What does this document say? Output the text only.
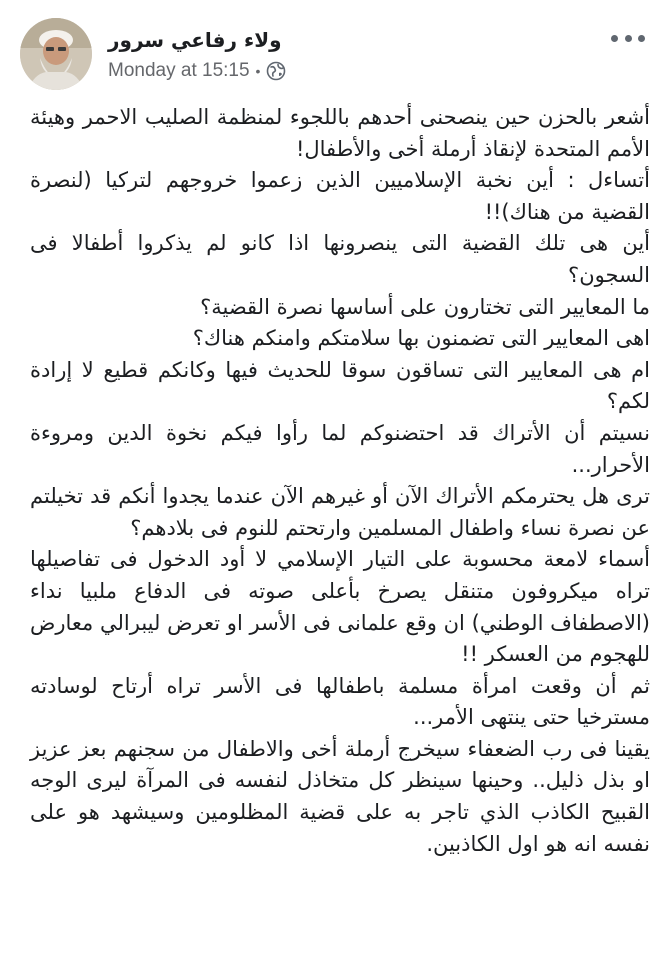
ولاء رفاعي سرور
Monday at 15:15 •

أشعر بالحزن حين ينصحنى أحدهم باللجوء لمنظمة الصليب الاحمر وهيئة الأمم المتحدة لإنقاذ أرملة أخى والأطفال!

أتساءل : أين نخبة الإسلاميين الذين زعموا خروجهم لتركيا (لنصرة القضية من هناك)!!

أين هى تلك القضية التى ينصرونها اذا كانو لم يذكروا أطفالا فى السجون؟

ما المعايير التى تختارون على أساسها نصرة القضية؟

اهى المعايير التى تضمنون بها سلامتكم وامنكم هناك؟

ام هى المعايير التى تساقون سوقا للحديث فيها وكانكم قطيع لا إرادة لكم؟

نسيتم أن الأتراك قد احتضنوكم لما رأوا فيكم نخوة الدين ومروءة الأحرار...

ترى هل يحترمكم الأتراك الآن أو غيرهم الآن عندما يجدوا أنكم قد تخيلتم عن نصرة نساء واطفال المسلمين وارتحتم للنوم فى بلادهم؟

أسماء لامعة محسوبة على التيار الإسلامي لا أود الدخول فى تفاصيلها تراه ميكروفون متنقل يصرخ بأعلى صوته فى الدفاع ملبيا نداء (الاصطفاف الوطني) ان وقع علمانى فى الأسر او تعرض ليبرالي معارض للهجوم من العسكر !!

ثم أن وقعت امرأة مسلمة باطفالها فى الأسر تراه أرتاح لوسادته مسترخيا حتى ينتهى الأمر...

يقينا فى رب الضعفاء سيخرج أرملة أخى والاطفال من سجنهم بعز عزيز او بذل ذليل.. وحينها سينظر كل متخاذل لنفسه فى المرآة ليرى الوجه القبيح الكاذب الذي تاجر به على قضية المظلومين وسيشهد هو على نفسه انه هو اول الكاذبين.
